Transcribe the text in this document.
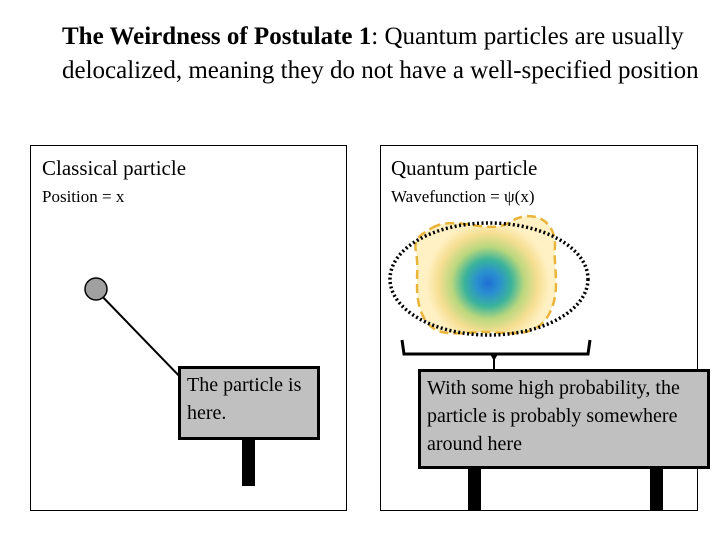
The Weirdness of Postulate 1: Quantum particles are usually delocalized, meaning they do not have a well-specified position
Classical particle
Position = x
Quantum particle
Wavefunction = ψ(x)
The particle is here.
With some high probability, the particle is probably somewhere around here
